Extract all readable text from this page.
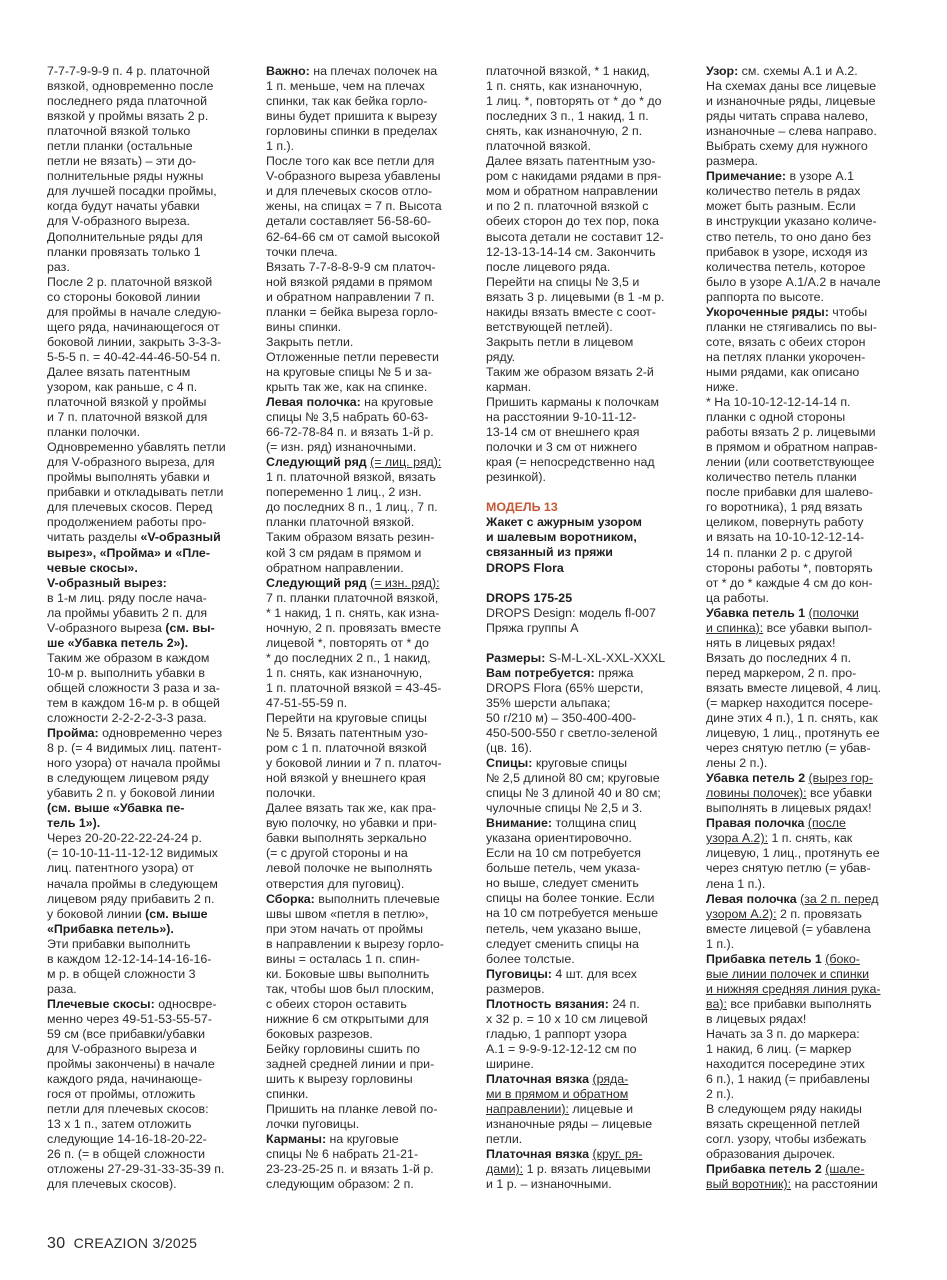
7-7-7-9-9-9 п. 4 р. платочной
вязкой, одновременно после
последнего ряда платочной
вязкой у проймы вязать 2 р.
платочной вязкой только
петли планки (остальные
петли не вязать) – эти до-
полнительные ряды нужны
для лучшей посадки проймы,
когда будут начаты убавки
для V-образного выреза.
Дополнительные ряды для
планки провязать только 1
раз.
После 2 р. платочной вязкой
со стороны боковой линии
для проймы в начале следую-
щего ряда, начинающегося от
боковой линии, закрыть 3-3-3-
5-5-5 п. = 40-42-44-46-50-54 п.
Далее вязать патентным
узором, как раньше, с 4 п.
платочной вязкой у проймы
и 7 п. платочной вязкой для
планки полочки.
Одновременно убавлять петли
для V-образного выреза, для
проймы выполнять убавки и
прибавки и откладывать петли
для плечевых скосов. Перед
продолжением работы про-
читать разделы «V-образный
вырез», «Пройма» и «Пле-
чевые скосы».
V-образный вырез:
в 1-м лиц. ряду после нача-
ла проймы убавить 2 п. для
V-образного выреза (см. вы-
ше «Убавка петель 2»).
Таким же образом в каждом
10-м р. выполнить убавки в
общей сложности 3 раза и за-
тем в каждом 16-м р. в общей
сложности 2-2-2-2-3-3 раза.
Пройма: одновременно через
8 р. (= 4 видимых лиц. патент-
ного узора) от начала проймы
в следующем лицевом ряду
убавить 2 п. у боковой линии
(см. выше «Убавка пе-
тель 1»).
Через 20-20-22-22-24-24 р.
(= 10-10-11-11-12-12 видимых
лиц. патентного узора) от
начала проймы в следующем
лицевом ряду прибавить 2 п.
у боковой линии (см. выше
«Прибавка петель»).
Эти прибавки выполнить
в каждом 12-12-14-14-16-16-
м р. в общей сложности 3
раза.
Плечевые скосы: односвре-
менно через 49-51-53-55-57-
59 см (все прибавки/убавки
для V-образного выреза и
проймы закончены) в начале
каждого ряда, начинающе-
гося от проймы, отложить
петли для плечевых скосов:
13 х 1 п., затем отложить
следующие 14-16-18-20-22-
26 п. (= в общей сложности
отложены 27-29-31-33-35-39 п.
для плечевых скосов).
Важно: на плечах полочек на
1 п. меньше, чем на плечах
спинки, так как бейка горло-
вины будет пришита к вырезу
горловины спинки в пределах
1 п.).
После того как все петли для
V-образного выреза убавлены
и для плечевых скосов отло-
жены, на спицах = 7 п. Высота
детали составляет 56-58-60-
62-64-66 см от самой высокой
точки плеча.
Вязать 7-7-8-8-9-9 см платоч-
ной вязкой рядами в прямом
и обратном направлении 7 п.
планки = бейка выреза горло-
вины спинки.
Закрыть петли.
Отложенные петли перевести
на круговые спицы № 5 и за-
крыть так же, как на спинке.
Левая полочка: на круговые
спицы № 3,5 набрать 60-63-
66-72-78-84 п. и вязать 1-й р.
(= изн. ряд) изнаночными.
Следующий ряд (= лиц. ряд):
1 п. платочной вязкой, вязать
попеременно 1 лиц., 2 изн.
до последних 8 п., 1 лиц., 7 п.
планки платочной вязкой.
Таким образом вязать резин-
кой 3 см рядам в прямом и
обратном направлении.
Следующий ряд (= изн. ряд):
7 п. планки платочной вязкой,
* 1 накид, 1 п. снять, как изна-
ночную, 2 п. провязать вместе
лицевой *, повторять от * до
* до последних 2 п., 1 накид,
1 п. снять, как изнаночную,
1 п. платочной вязкой = 43-45-
47-51-55-59 п.
Перейти на круговые спицы
№ 5. Вязать патентным узо-
ром с 1 п. платочной вязкой
у боковой линии и 7 п. платоч-
ной вязкой у внешнего края
полочки.
Далее вязать так же, как пра-
вую полочку, но убавки и при-
бавки выполнять зеркально
(= с другой стороны и на
левой полочке не выполнять
отверстия для пуговиц).
Сборка: выполнить плечевые
швы швом «петля в петлю»,
при этом начать от проймы
в направлении к вырезу горло-
вины = осталась 1 п. спин-
ки. Боковые швы выполнить
так, чтобы шов был плоским,
с обеих сторон оставить
нижние 6 см открытыми для
боковых разрезов.
Бейку горловины сшить по
задней средней линии и при-
шить к вырезу горловины
спинки.
Пришить на планке левой по-
лочки пуговицы.
Карманы: на круговые
спицы № 6 набрать 21-21-
23-23-25-25 п. и вязать 1-й р.
следующим образом: 2 п.
платочной вязкой, * 1 накид,
1 п. снять, как изнаночную,
1 лиц. *, повторять от * до * до
последних 3 п., 1 накид, 1 п.
снять, как изнаночную, 2 п.
платочной вязкой.
Далее вязать патентным узо-
ром с накидами рядами в пря-
мом и обратном направлении
и по 2 п. платочной вязкой с
обеих сторон до тех пор, пока
высота детали не составит 12-
12-13-13-14-14 см. Закончить
после лицевого ряда.
Перейти на спицы № 3,5 и
вязать 3 р. лицевыми (в 1 -м р.
накиды вязать вместе с соот-
ветствующей петлей).
Закрыть петли в лицевом
ряду.
Таким же образом вязать 2-й
карман.
Пришить карманы к полочкам
на расстоянии 9-10-11-12-
13-14 см от внешнего края
полочки и 3 см от нижнего
края (= непосредственно над
резинкой).

МОДЕЛЬ 13
Жакет с ажурным узором
и шалевым воротником,
связанный из пряжи
DROPS Flora

DROPS 175-25
DROPS Design: модель fl-007
Пряжа группы А

Размеры: S-M-L-XL-XXL-XXXL
Вам потребуется: пряжа
DROPS Flora (65% шерсти,
35% шерсти альпака;
50 г/210 м) – 350-400-400-
450-500-550 г светло-зеленой
(цв. 16).
Спицы: круговые спицы
№ 2,5 длиной 80 см; круговые
спицы № 3 длиной 40 и 80 см;
чулочные спицы № 2,5 и 3.
Внимание: толщина спиц
указана ориентировочно.
Если на 10 см потребуется
больше петель, чем указа-
но выше, следует сменить
спицы на более тонкие. Если
на 10 см потребуется меньше
петель, чем указано выше,
следует сменить спицы на
более толстые.
Пуговицы: 4 шт. для всех
размеров.
Плотность вязания: 24 п.
х 32 р. = 10 х 10 см лицевой
гладью, 1 раппорт узора
А.1 = 9-9-9-12-12-12 см по
ширине.
Платочная вязка (ряда-
ми в прямом и обратном
направлении): лицевые и
изнаночные ряды – лицевые
петли.
Платочная вязка (круг. ря-
дами): 1 р. вязать лицевыми
и 1 р. – изнаночными.
Узор: см. схемы А.1 и А.2.
На схемах даны все лицевые
и изнаночные ряды, лицевые
ряды читать справа налево,
изнаночные – слева направо.
Выбрать схему для нужного
размера.
Примечание: в узоре А.1
количество петель в рядах
может быть разным. Если
в инструкции указано количе-
ство петель, то оно дано без
прибавок в узоре, исходя из
количества петель, которое
было в узоре А.1/А.2 в начале
раппорта по высоте.
Укороченные ряды: чтобы
планки не стягивались по вы-
соте, вязать с обеих сторон
на петлях планки укорочен-
ными рядами, как описано
ниже.
* На 10-10-12-12-14-14 п.
планки с одной стороны
работы вязать 2 р. лицевыми
в прямом и обратном направ-
лении (или соответствующее
количество петель планки
после прибавки для шалево-
го воротника), 1 ряд вязать
целиком, повернуть работу
и вязать на 10-10-12-12-14-
14 п. планки 2 р. с другой
стороны работы *, повторять
от * до * каждые 4 см до кон-
ца работы.
Убавка петель 1 (полочки
и спинка): все убавки выпол-
нять в лицевых рядах!
Вязать до последних 4 п.
перед маркером, 2 п. про-
вязать вместе лицевой, 4 лиц.
(= маркер находится посере-
дине этих 4 п.), 1 п. снять, как
лицевую, 1 лиц., протянуть ее
через снятую петлю (= убав-
лены 2 п.).
Убавка петель 2 (вырез гор-
ловины полочек): все убавки
выполнять в лицевых рядах!
Правая полочка (после
узора А.2): 1 п. снять, как
лицевую, 1 лиц., протянуть ее
через снятую петлю (= убав-
лена 1 п.).
Левая полочка (за 2 п. перед
узором А.2): 2 п. провязать
вместе лицевой (= убавлена
1 п.).
Прибавка петель 1 (боко-
вые линии полочек и спинки
и нижняя средняя линия рука-
ва): все прибавки выполнять
в лицевых рядах!
Начать за 3 п. до маркера:
1 накид, 6 лиц. (= маркер
находится посередине этих
6 п.), 1 накид (= прибавлены
2 п.).
В следующем ряду накиды
вязать скрещенной петлей
согл. узору, чтобы избежать
образования дырочек.
Прибавка петель 2 (шале-
вый воротник): на расстоянии
30 CREAZION 3/2025
